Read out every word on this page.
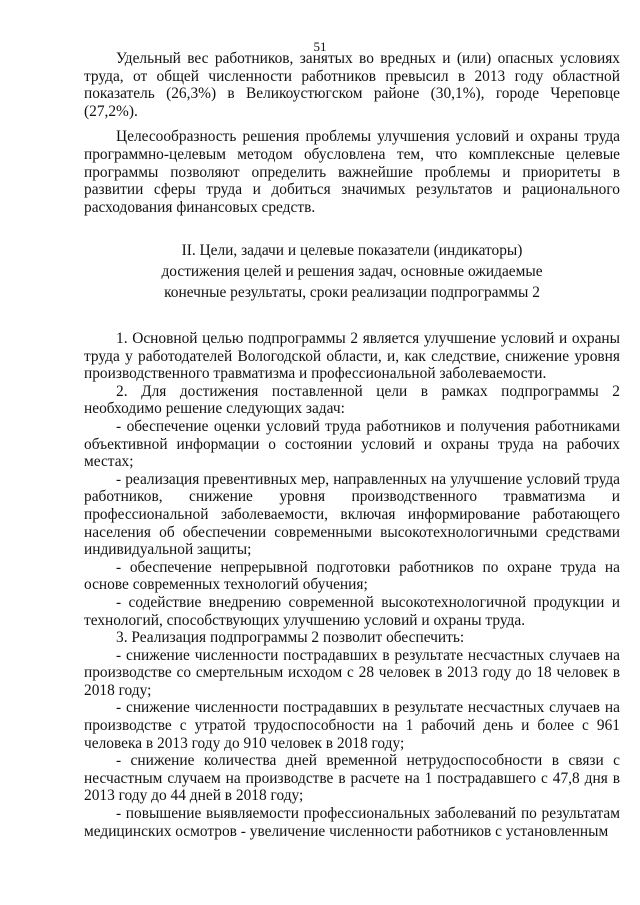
51

Удельный вес работников, занятых во вредных и (или) опасных условиях труда, от общей численности работников превысил в 2013 году областной показатель (26,3%) в Великоустюгском районе (30,1%), городе Череповце (27,2%).

Целесообразность решения проблемы улучшения условий и охраны труда программно-целевым методом обусловлена тем, что комплексные целевые программы позволяют определить важнейшие проблемы и приоритеты в развитии сферы труда и добиться значимых результатов и рационального расходования финансовых средств.

II. Цели, задачи и целевые показатели (индикаторы)
достижения целей и решения задач, основные ожидаемые
конечные результаты, сроки реализации подпрограммы 2

1. Основной целью подпрограммы 2 является улучшение условий и охраны труда у работодателей Вологодской области, и, как следствие, снижение уровня производственного травматизма и профессиональной заболеваемости.

2. Для достижения поставленной цели в рамках подпрограммы 2 необходимо решение следующих задач:

- обеспечение оценки условий труда работников и получения работниками объективной информации о состоянии условий и охраны труда на рабочих местах;

- реализация превентивных мер, направленных на улучшение условий труда работников, снижение уровня производственного травматизма и профессиональной заболеваемости, включая информирование работающего населения об обеспечении современными высокотехнологичными средствами индивидуальной защиты;

- обеспечение непрерывной подготовки работников по охране труда на основе современных технологий обучения;

- содействие внедрению современной высокотехнологичной продукции и технологий, способствующих улучшению условий и охраны труда.

3. Реализация подпрограммы 2 позволит обеспечить:

- снижение численности пострадавших в результате несчастных случаев на производстве со смертельным исходом с 28 человек в 2013 году до 18 человек в 2018 году;

- снижение численности пострадавших в результате несчастных случаев на производстве с утратой трудоспособности на 1 рабочий день и более с 961 человека в 2013 году до 910 человек в 2018 году;

- снижение количества дней временной нетрудоспособности в связи с несчастным случаем на производстве в расчете на 1 пострадавшего с 47,8 дня в 2013 году до 44 дней в 2018 году;

- повышение выявляемости профессиональных заболеваний по результатам медицинских осмотров - увеличение численности работников с установленным
